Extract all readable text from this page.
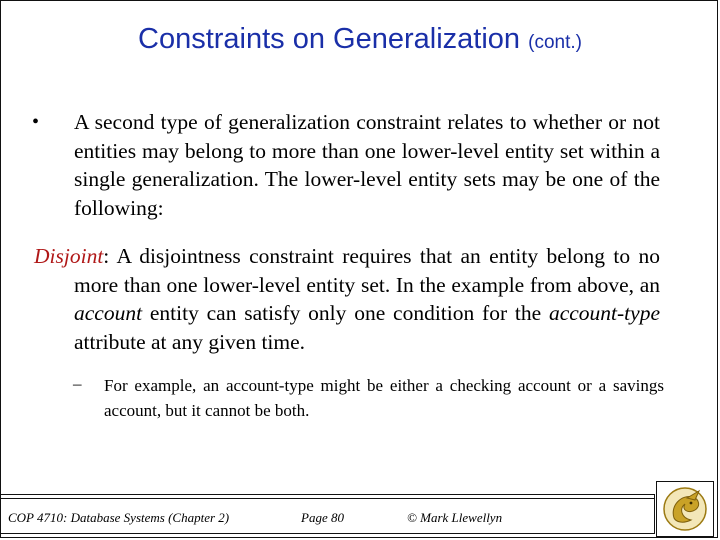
Constraints on Generalization (cont.)
• A second type of generalization constraint relates to whether or not entities may belong to more than one lower-level entity set within a single generalization. The lower-level entity sets may be one of the following:
Disjoint: A disjointness constraint requires that an entity belong to no more than one lower-level entity set. In the example from above, an account entity can satisfy only one condition for the account-type attribute at any given time.
– For example, an account-type might be either a checking account or a savings account, but it cannot be both.
COP 4710: Database Systems (Chapter 2)	Page 80	© Mark Llewellyn
